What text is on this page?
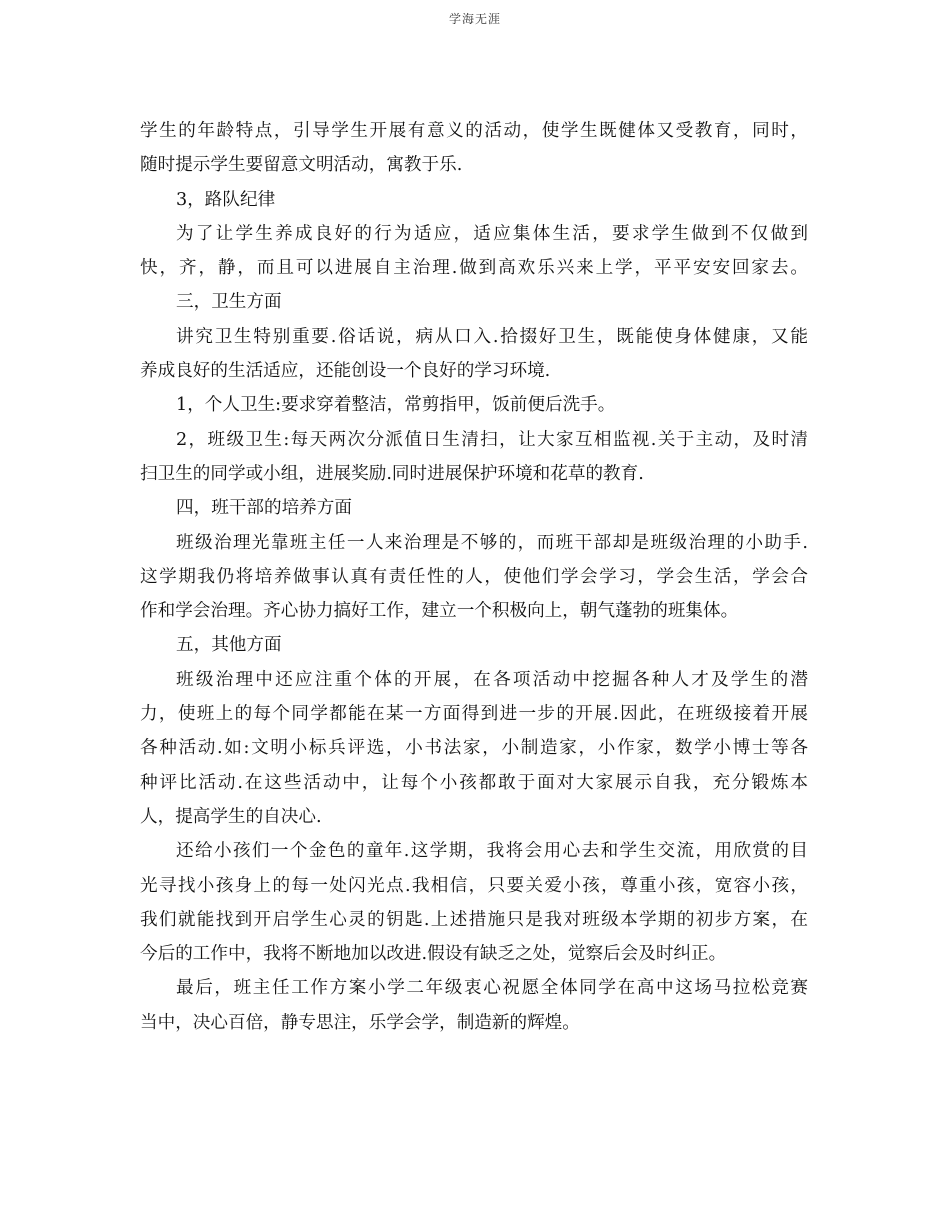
学海无涯
学生的年龄特点，引导学生开展有意义的活动，使学生既健体又受教育，同时，
随时提示学生要留意文明活动，寓教于乐.
3，路队纪律
为了让学生养成良好的行为适应，适应集体生活，要求学生做到不仅做到
快，齐，静，而且可以进展自主治理.做到高欢乐兴来上学，平平安安回家去。
三，卫生方面
讲究卫生特别重要.俗话说，病从口入.拾掇好卫生，既能使身体健康，又能
养成良好的生活适应，还能创设一个良好的学习环境.
1，个人卫生:要求穿着整洁，常剪指甲，饭前便后洗手。
2，班级卫生:每天两次分派值日生清扫，让大家互相监视.关于主动，及时清
扫卫生的同学或小组，进展奖励.同时进展保护环境和花草的教育.
四，班干部的培养方面
班级治理光靠班主任一人来治理是不够的，而班干部却是班级治理的小助手.
这学期我仍将培养做事认真有责任性的人，使他们学会学习，学会生活，学会合
作和学会治理。齐心协力搞好工作，建立一个积极向上，朝气蓬勃的班集体。
五，其他方面
班级治理中还应注重个体的开展，在各项活动中挖掘各种人才及学生的潜
力，使班上的每个同学都能在某一方面得到进一步的开展.因此，在班级接着开展
各种活动.如:文明小标兵评选，小书法家，小制造家，小作家，数学小博士等各
种评比活动.在这些活动中，让每个小孩都敢于面对大家展示自我，充分锻炼本
人，提高学生的自决心.
还给小孩们一个金色的童年.这学期，我将会用心去和学生交流，用欣赏的目
光寻找小孩身上的每一处闪光点.我相信，只要关爱小孩，尊重小孩，宽容小孩，
我们就能找到开启学生心灵的钥匙.上述措施只是我对班级本学期的初步方案，在
今后的工作中，我将不断地加以改进.假设有缺乏之处，觉察后会及时纠正。
最后，班主任工作方案小学二年级衷心祝愿全体同学在高中这场马拉松竞赛
当中，决心百倍，静专思注，乐学会学，制造新的辉煌。
